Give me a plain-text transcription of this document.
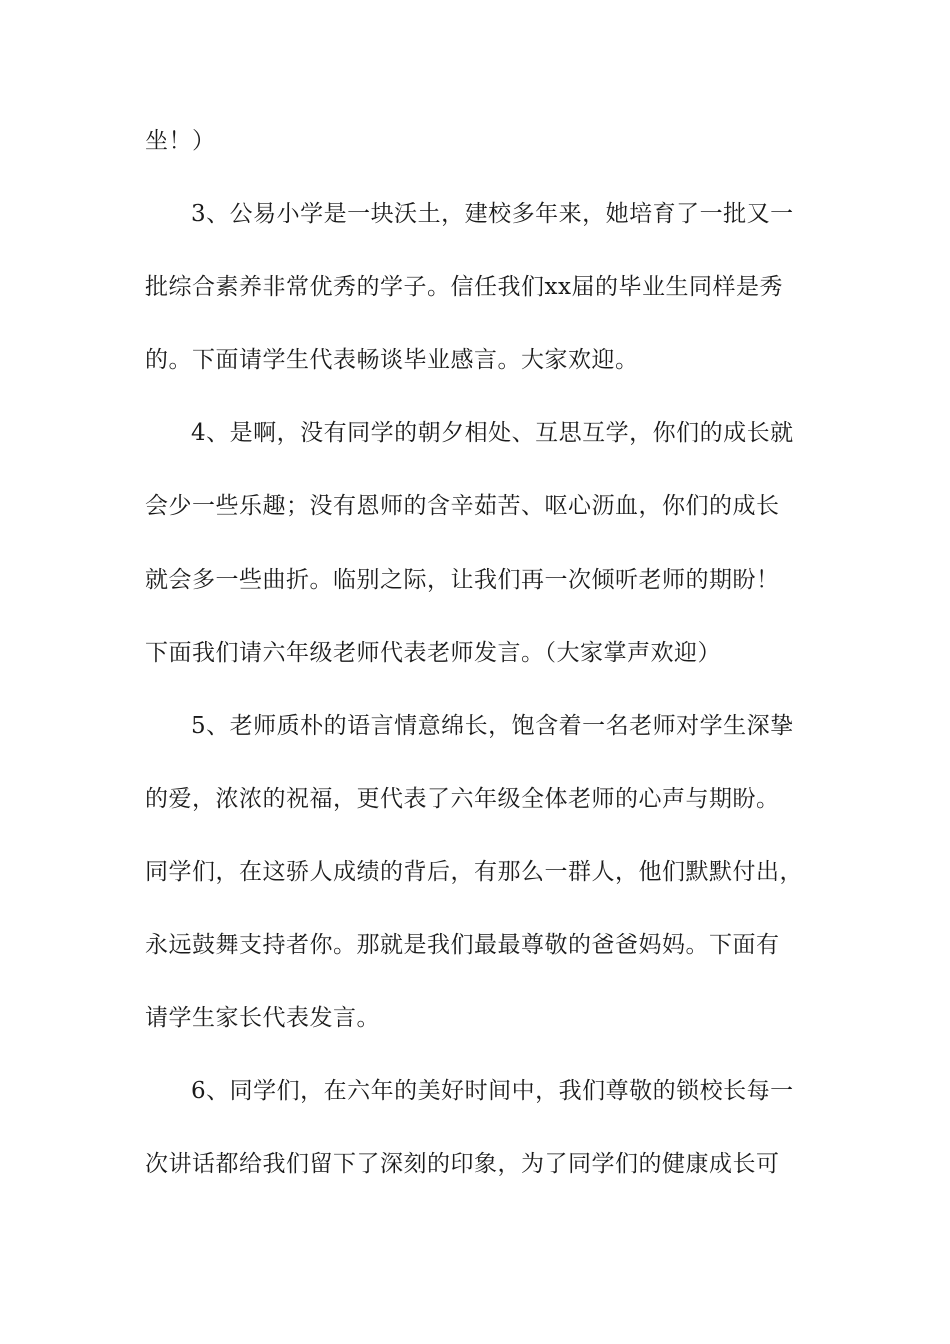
坐！）
3、公易小学是一块沃土，建校多年来，她培育了一批又一
批综合素养非常优秀的学子。信任我们xx届的毕业生同样是秀
的。下面请学生代表畅谈毕业感言。大家欢迎。
4、是啊，没有同学的朝夕相处、互思互学，你们的成长就
会少一些乐趣；没有恩师的含辛茹苦、呕心沥血，你们的成长
就会多一些曲折。临别之际，让我们再一次倾听老师的期盼！
下面我们请六年级老师代表老师发言。（大家掌声欢迎）
5、老师质朴的语言情意绵长，饱含着一名老师对学生深挚
的爱，浓浓的祝福，更代表了六年级全体老师的心声与期盼。
同学们，在这骄人成绩的背后，有那么一群人，他们默默付出，
永远鼓舞支持者你。那就是我们最最尊敬的爸爸妈妈。下面有
请学生家长代表发言。
6、同学们，在六年的美好时间中，我们尊敬的锁校长每一
次讲话都给我们留下了深刻的印象，为了同学们的健康成长可
